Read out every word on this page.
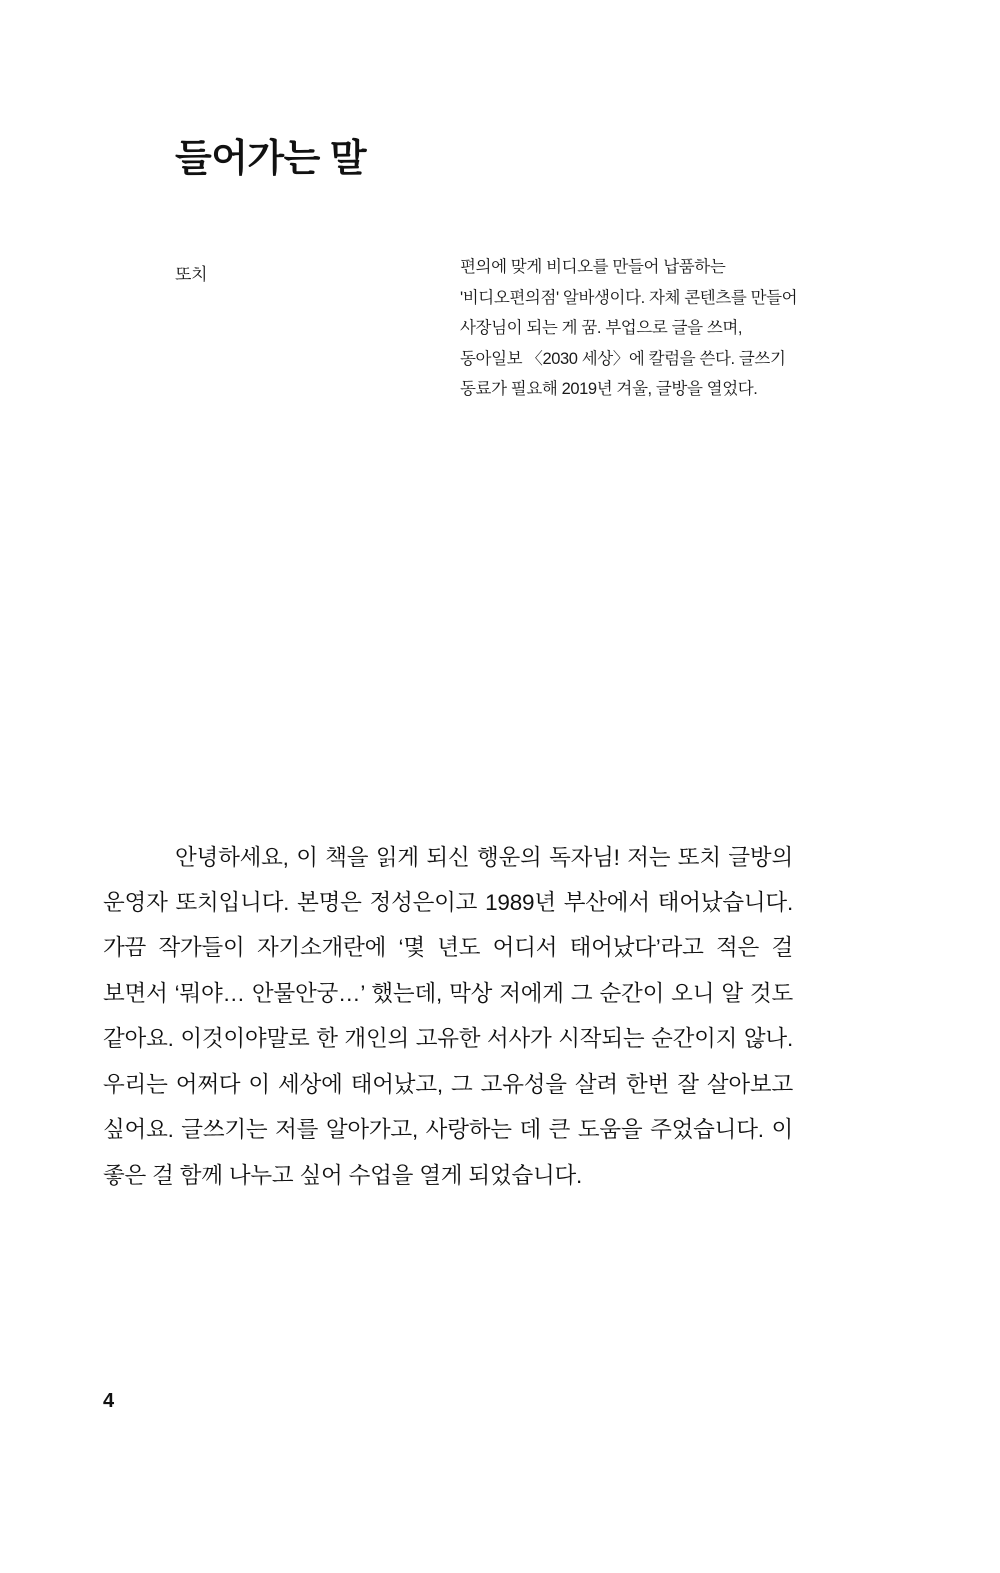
들어가는 말
또치	편의에 맞게 비디오를 만들어 납품하는 '비디오편의점' 알바생이다. 자체 콘텐츠를 만들어 사장님이 되는 게 꿈. 부업으로 글을 쓰며, 동아일보 〈2030 세상〉에 칼럼을 쓴다. 글쓰기 동료가 필요해 2019년 겨울, 글방을 열었다.

안녕하세요, 이 책을 읽게 되신 행운의 독자님! 저는 또치 글방의 운영자 또치입니다. 본명은 정성은이고 1989년 부산에서 태어났습니다. 가끔 작가들이 자기소개란에 ‘몇 년도 어디서 태어났다’라고 적은 걸 보면서 ‘뭐야… 안물안궁…’ 했는데, 막상 저에게 그 순간이 오니 알 것도 같아요. 이것이야말로 한 개인의 고유한 서사가 시작되는 순간이지 않나. 우리는 어쩌다 이 세상에 태어났고, 그 고유성을 살려 한번 잘 살아보고 싶어요. 글쓰기는 저를 알아가고, 사랑하는 데 큰 도움을 주었습니다. 이 좋은 걸 함께 나누고 싶어 수업을 열게 되었습니다.

4
